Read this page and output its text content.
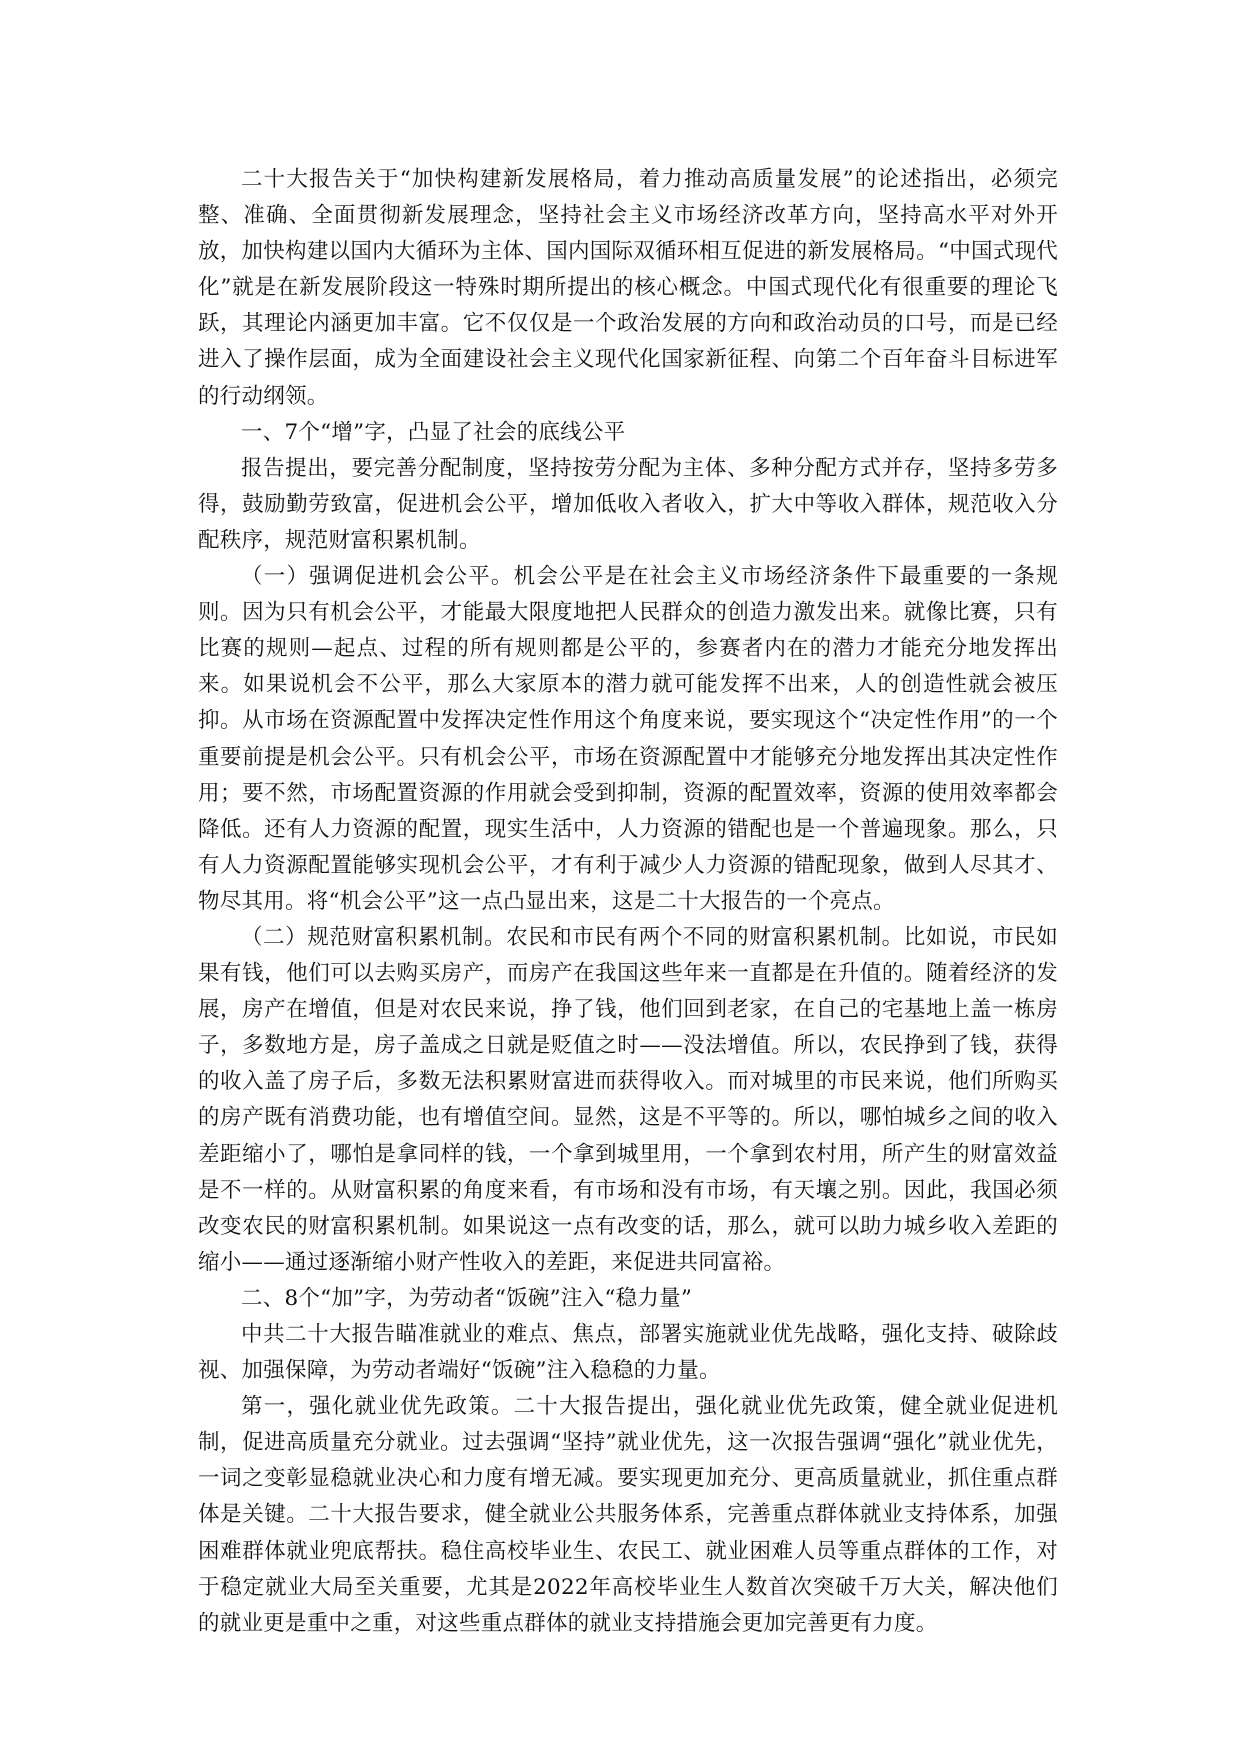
二十大报告关于“加快构建新发展格局，着力推动高质量发展”的论述指出，必须完整、准确、全面贯彻新发展理念，坚持社会主义市场经济改革方向，坚持高水平对外开放，加快构建以国内大循环为主体、国内国际双循环相互促进的新发展格局。“中国式现代化”就是在新发展阶段这一特殊时期所提出的核心概念。中国式现代化有很重要的理论飞跃，其理论内涵更加丰富。它不仅仅是一个政治发展的方向和政治动员的口号，而是已经进入了操作层面，成为全面建设社会主义现代化国家新征程、向第二个百年奋斗目标进军的行动纲领。

一、7个“增”字，凸显了社会的底线公平

报告提出，要完善分配制度，坚持按劳分配为主体、多种分配方式并存，坚持多劳多得，鼓励勤劳致富，促进机会公平，增加低收入者收入，扩大中等收入群体，规范收入分配秩序，规范财富积累机制。

（一）强调促进机会公平。机会公平是在社会主义市场经济条件下最重要的一条规则。因为只有机会公平，才能最大限度地把人民群众的创造力激发出来。就像比赛，只有比赛的规则—起点、过程的所有规则都是公平的，参赛者内在的潜力才能充分地发挥出来。如果说机会不公平，那么大家原本的潜力就可能发挥不出来，人的创造性就会被压抑。从市场在资源配置中发挥决定性作用这个角度来说，要实现这个“决定性作用”的一个重要前提是机会公平。只有机会公平，市场在资源配置中才能够充分地发挥出其决定性作用；要不然，市场配置资源的作用就会受到抑制，资源的配置效率，资源的使用效率都会降低。还有人力资源的配置，现实生活中，人力资源的错配也是一个普遍现象。那么，只有人力资源配置能够实现机会公平，才有利于减少人力资源的错配现象，做到人尽其才、物尽其用。将“机会公平”这一点凸显出来，这是二十大报告的一个亮点。

（二）规范财富积累机制。农民和市民有两个不同的财富积累机制。比如说，市民如果有钱，他们可以去购买房产，而房产在我国这些年来一直都是在升值的。随着经济的发展，房产在增值，但是对农民来说，挣了钱，他们回到老家，在自己的宅基地上盖一栋房子，多数地方是，房子盖成之日就是贬值之时——没法增值。所以，农民挣到了钱，获得的收入盖了房子后，多数无法积累财富进而获得收入。而对城里的市民来说，他们所购买的房产既有消费功能，也有增值空间。显然，这是不平等的。所以，哪怕城乡之间的收入差距缩小了，哪怕是拿同样的钱，一个拿到城里用，一个拿到农村用，所产生的财富效益是不一样的。从财富积累的角度来看，有市场和没有市场，有天壤之别。因此，我国必须改变农民的财富积累机制。如果说这一点有改变的话，那么，就可以助力城乡收入差距的缩小——通过逐渐缩小财产性收入的差距，来促进共同富裕。

二、8个“加”字，为劳动者“饭碗”注入“稳力量”

中共二十大报告瞄准就业的难点、焦点，部署实施就业优先战略，强化支持、破除歧视、加强保障，为劳动者端好“饭碗”注入稳稳的力量。

第一，强化就业优先政策。二十大报告提出，强化就业优先政策，健全就业促进机制，促进高质量充分就业。过去强调“坚持”就业优先，这一次报告强调“强化”就业优先，一词之变彰显稳就业决心和力度有增无减。要实现更加充分、更高质量就业，抓住重点群体是关键。二十大报告要求，健全就业公共服务体系，完善重点群体就业支持体系，加强困难群体就业兜底帮扶。稳住高校毕业生、农民工、就业困难人员等重点群体的工作，对于稳定就业大局至关重要，尤其是2022年高校毕业生人数首次突破千万大关，解决他们的就业更是重中之重，对这些重点群体的就业支持措施会更加完善更有力度。
